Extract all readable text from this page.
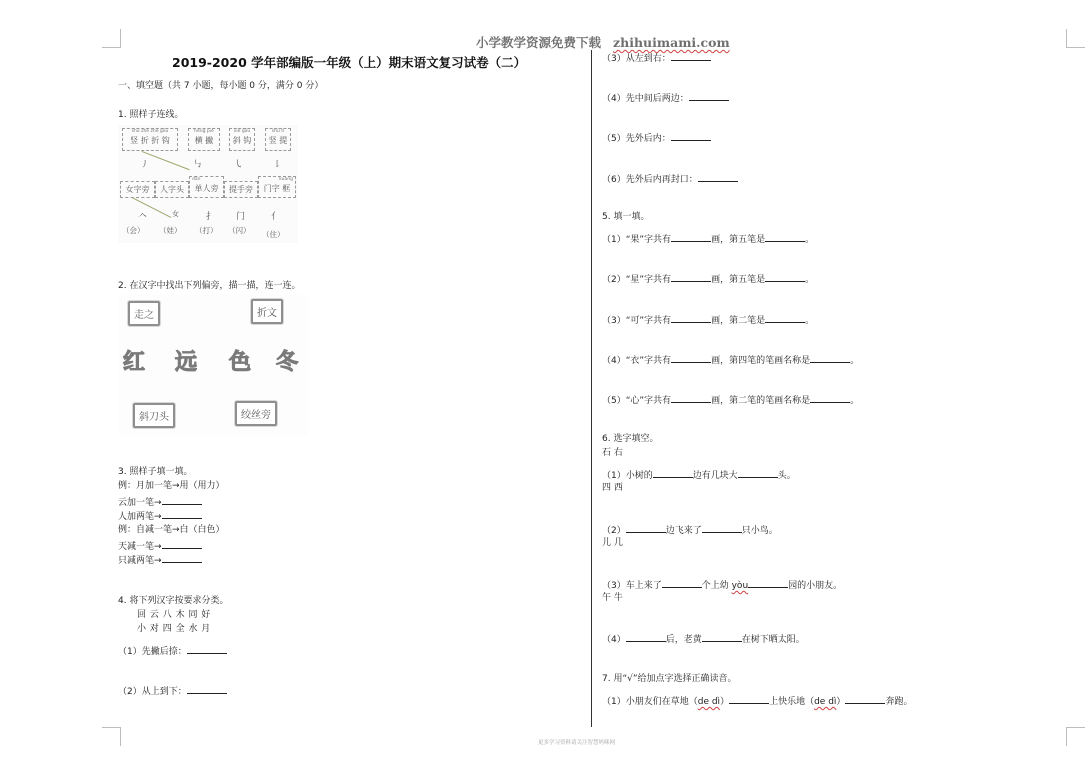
小学教学资源免费下载 zhihuimami.com
2019-2020 学年部编版一年级（上）期末语文复习试卷（二）
一、填空题（共 7 小题，每小题 0 分，满分 0 分）
1. 照样子连线。
shù zhé zhé gōu
竖 折 折 钩
héng piě
横 撇
xié gōu
斜 钩
shù tí
竖 提
㇓	㇉	㇂	㇙
女字旁	人字头
dān
单人旁	提手旁
kuàng
门字 框
𠆢	女	扌 门	亻
（会） （娃） （打） （闪） （住）
2. 在汉字中找出下列偏旁，描一描，连一连。
走之	折文
红 远 色 冬
斜刀头	绞丝旁
3. 照样子填一填。
例：月加一笔→用（用力）
云加一笔→
人加两笔→
例：自减一笔→白（白色）
天减一笔→
只减两笔→
4. 将下列汉字按要求分类。
回 云 八 木 同 好
小 对 四 全 水 月
（1）先撇后捺：
（2）从上到下：
（3）从左到右：
（4）先中间后两边：
（5）先外后内：
（6）先外后内再封口：
5. 填一填。
（1）“果”字共有	画，第五笔是	。
（2）“星”字共有	画，第五笔是	。
（3）“可”字共有	画，第二笔是	。
（4）“衣”字共有	画，第四笔的笔画名称是	。
（5）“心”字共有	画，第二笔的笔画名称是	。
6. 选字填空。
石 右
（1）小树的	边有几块大	头。
四 西
（2）	边飞来了	只小鸟。
儿 几
（3）车上来了	个上幼 yòu	园的小朋友。
午 牛
（4）	后，老黄	在树下晒太阳。
7. 用“√”给加点字选择正确读音。
（1）小朋友们在草地（de dì）	上快乐地（de dì）	奔跑。
更多学习资料请关注智慧妈咪网
